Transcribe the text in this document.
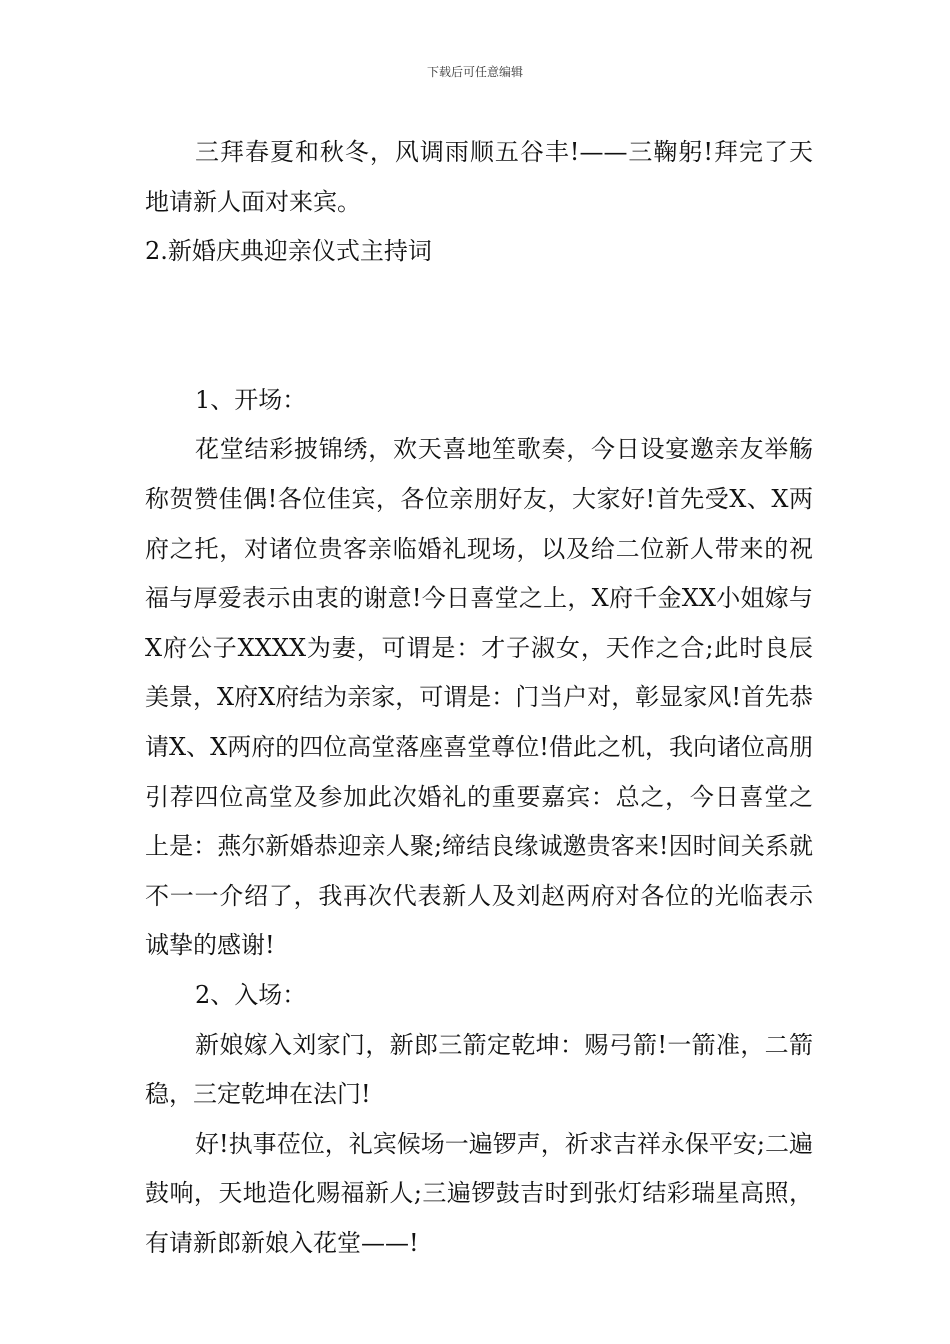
下载后可任意编辑

三拜春夏和秋冬，风调雨顺五谷丰!——三鞠躬!拜完了天地请新人面对来宾。

2.新婚庆典迎亲仪式主持词

1、开场：

花堂结彩披锦绣，欢天喜地笙歌奏，今日设宴邀亲友举觞称贺赞佳偶!各位佳宾，各位亲朋好友，大家好!首先受X、X两府之托，对诸位贵客亲临婚礼现场，以及给二位新人带来的祝福与厚爱表示由衷的谢意!今日喜堂之上，X府千金XX小姐嫁与X府公子XXXX为妻，可谓是：才子淑女，天作之合;此时良辰美景，X府X府结为亲家，可谓是：门当户对，彰显家风!首先恭请X、X两府的四位高堂落座喜堂尊位!借此之机，我向诸位高朋引荐四位高堂及参加此次婚礼的重要嘉宾：总之，今日喜堂之上是：燕尔新婚恭迎亲人聚;缔结良缘诚邀贵客来!因时间关系就不一一介绍了，我再次代表新人及刘赵两府对各位的光临表示诚挚的感谢!

2、入场：

新娘嫁入刘家门，新郎三箭定乾坤：赐弓箭!一箭准，二箭稳，三定乾坤在法门!

好!执事莅位，礼宾候场一遍锣声，祈求吉祥永保平安;二遍鼓响，天地造化赐福新人;三遍锣鼓吉时到张灯结彩瑞星高照，有请新郎新娘入花堂——!
